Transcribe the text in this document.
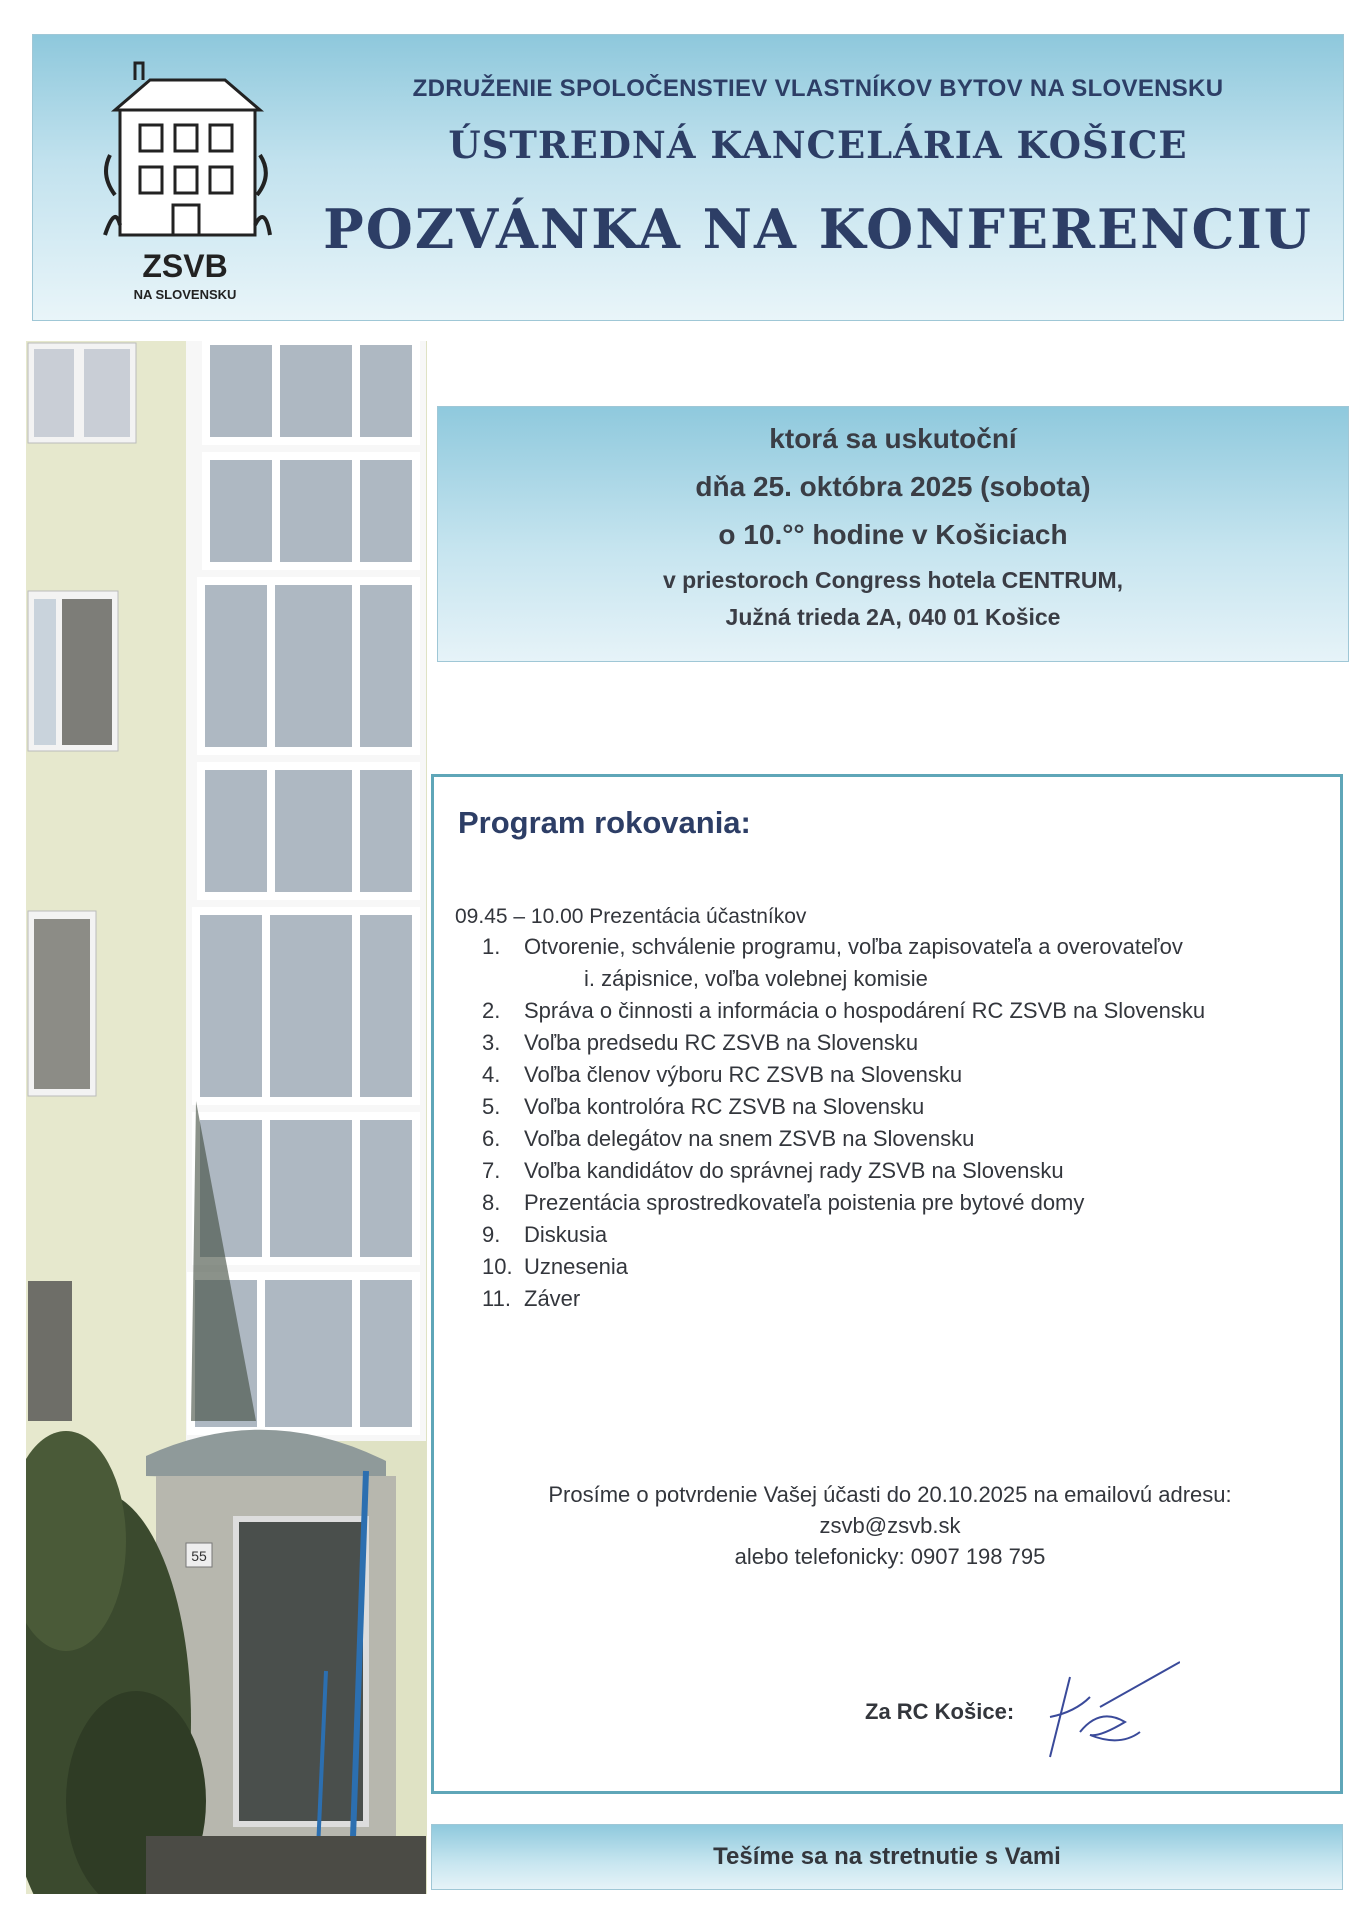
ZSVB
NA SLOVENSKU
ZDRUŽENIE SPOLOČENSTIEV VLASTNÍKOV BYTOV NA SLOVENSKU
ÚSTREDNÁ KANCELÁRIA KOŠICE
POZVÁNKA NA KONFERENCIU
55
ktorá sa uskutoční
dňa 25. októbra 2025 (sobota)
o 10.°° hodine v Košiciach
v priestoroch Congress hotela CENTRUM,
Južná trieda 2A, 040 01 Košice
Program rokovania:
09.45 – 10.00 Prezentácia účastníkov
1. Otvorenie, schválenie programu, voľba zapisovateľa a overovateľov
i. zápisnice, voľba volebnej komisie
2. Správa o činnosti a informácia o hospodárení RC ZSVB na Slovensku
3. Voľba predsedu RC ZSVB na Slovensku
4. Voľba členov výboru RC ZSVB na Slovensku
5. Voľba kontrolóra RC ZSVB na Slovensku
6. Voľba delegátov na snem ZSVB na Slovensku
7. Voľba kandidátov do správnej rady ZSVB na Slovensku
8. Prezentácia sprostredkovateľa poistenia pre bytové domy
9. Diskusia
10. Uznesenia
11. Záver
Prosíme o potvrdenie Vašej účasti do 20.10.2025 na emailovú adresu:
zsvb@zsvb.sk
alebo telefonicky: 0907 198 795
Za RC Košice:
Tešíme sa na stretnutie s Vami
